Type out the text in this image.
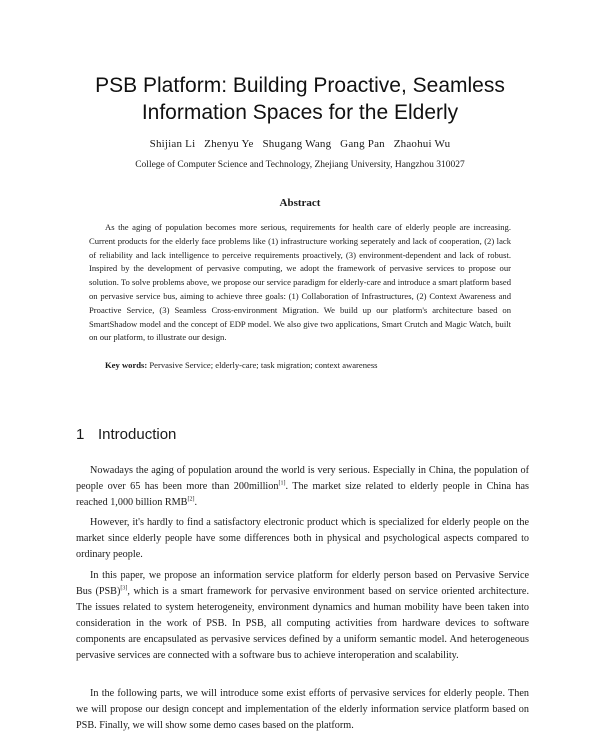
PSB Platform: Building Proactive, Seamless
Information Spaces for the Elderly
Shijian Li   Zhenyu Ye   Shugang Wang   Gang Pan   Zhaohui Wu
College of Computer Science and Technology, Zhejiang University, Hangzhou 310027
Abstract

As the aging of population becomes more serious, requirements for health care of elderly people are increasing. Current products for the elderly face problems like (1) infrastructure working seperately and lack of cooperation, (2) lack of reliability and lack intelligence to perceive requirements proactively, (3) environment-dependent and lack of robust. Inspired by the development of pervasive computing, we adopt the framework of pervasive services to propose our solution. To solve problems above, we propose our service paradigm for elderly-care and introduce a smart platform based on pervasive service bus, aiming to achieve three goals: (1) Collaboration of Infrastructures, (2) Context Awareness and Proactive Service, (3) Seamless Cross-environment Migration. We build up our platform's architecture based on SmartShadow model and the concept of EDP model. We also give two applications, Smart Crutch and Magic Watch, built on our platform, to illustrate our design.

Key words: Pervasive Service; elderly-care; task migration; context awareness
1 Introduction

Nowadays the aging of population around the world is very serious. Especially in China, the population of people over 65 has been more than 200million[1]. The market size related to elderly people in China has reached 1,000 billion RMB[2].

However, it's hardly to find a satisfactory electronic product which is specialized for elderly people on the market since elderly people have some differences both in physical and psychological aspects compared to ordinary people.

In this paper, we propose an information service platform for elderly person based on Pervasive Service Bus (PSB)[3], which is a smart framework for pervasive environment based on service oriented architecture. The issues related to system heterogeneity, environment dynamics and human mobility have been taken into consideration in the work of PSB. In PSB, all computing activities from hardware devices to software components are encapsulated as pervasive services defined by a uniform semantic model. And heterogeneous pervasive services are connected with a software bus to achieve interoperation and scalability.

In the following parts, we will introduce some exist efforts of pervasive services for elderly people. Then we will propose our design concept and implementation of the elderly information service platform based on PSB. Finally, we will show some demo cases based on the platform.
